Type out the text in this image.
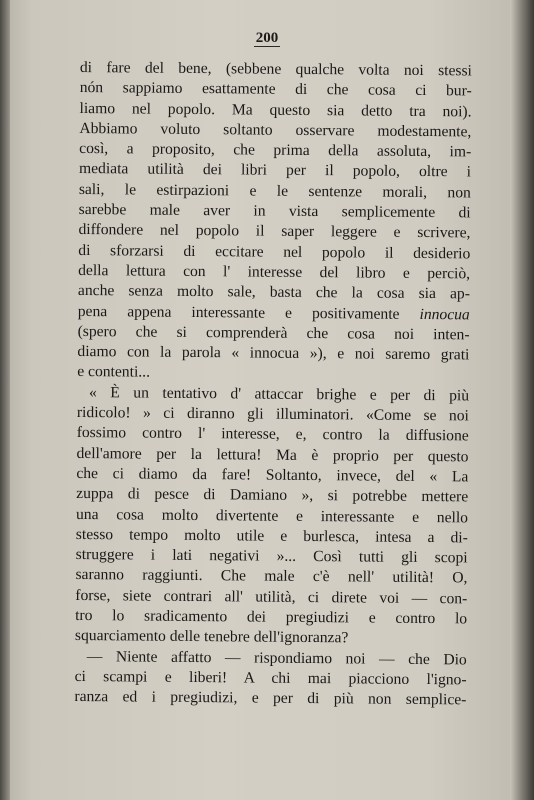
200
di fare del bene, (sebbene qualche volta noi stessi
nón sappiamo esattamente di che cosa ci bur-
liamo nel popolo. Ma questo sia detto tra noi).
Abbiamo voluto soltanto osservare modestamente,
così, a proposito, che prima della assoluta, im-
mediata utilità dei libri per il popolo, oltre i
sali, le estirpazioni e le sentenze morali, non
sarebbe male aver in vista semplicemente di
diffondere nel popolo il saper leggere e scrivere,
di sforzarsi di eccitare nel popolo il desiderio
della lettura con l' interesse del libro e perciò,
anche senza molto sale, basta che la cosa sia ap-
pena appena interessante e positivamente innocua
(spero che si comprenderà che cosa noi inten-
diamo con la parola « innocua »), e noi saremo grati
e contenti...
« È un tentativo d' attaccar brighe e per di più
ridicolo! » ci diranno gli illuminatori. «Come se noi
fossimo contro l' interesse, e, contro la diffusione
dell'amore per la lettura! Ma è proprio per questo
che ci diamo da fare! Soltanto, invece, del « La
zuppa di pesce di Damiano », si potrebbe mettere
una cosa molto divertente e interessante e nello
stesso tempo molto utile e burlesca, intesa a di-
struggere i lati negativi »... Così tutti gli scopi
saranno raggiunti. Che male c'è nell' utilità! O,
forse, siete contrari all' utilità, ci direte voi — con-
tro lo sradicamento dei pregiudizi e contro lo
squarciamento delle tenebre dell'ignoranza?
— Niente affatto — rispondiamo noi — che Dio
ci scampi e liberi! A chi mai piacciono l'igno-
ranza ed i pregiudizi, e per di più non semplice-
